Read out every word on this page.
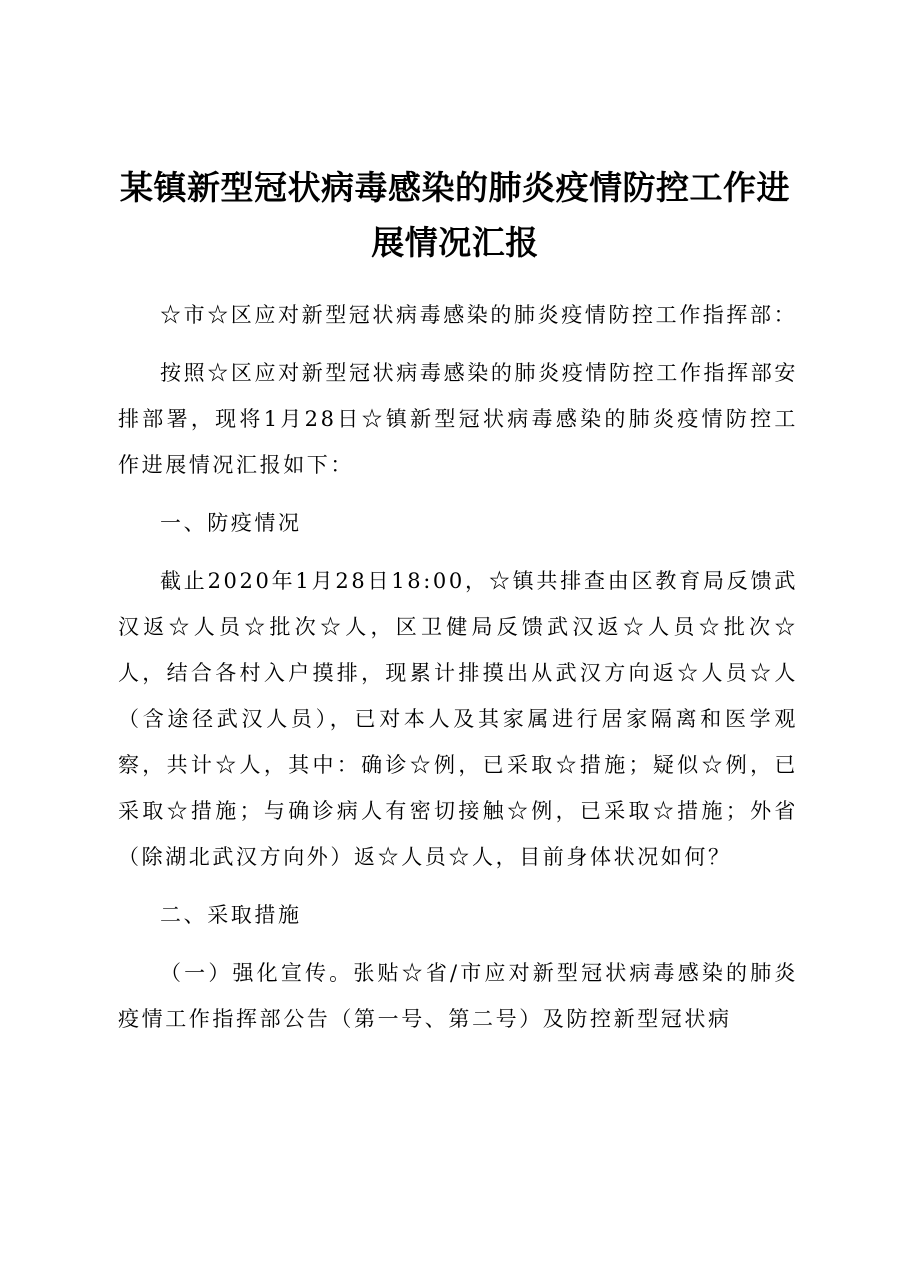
某镇新型冠状病毒感染的肺炎疫情防控工作进展情况汇报

☆市☆区应对新型冠状病毒感染的肺炎疫情防控工作指挥部：

按照☆区应对新型冠状病毒感染的肺炎疫情防控工作指挥部安排部署，现将1月28日☆镇新型冠状病毒感染的肺炎疫情防控工作进展情况汇报如下：

一、防疫情况

截止2020年1月28日18:00，☆镇共排查由区教育局反馈武汉返☆人员☆批次☆人，区卫健局反馈武汉返☆人员☆批次☆人，结合各村入户摸排，现累计排摸出从武汉方向返☆人员☆人（含途径武汉人员），已对本人及其家属进行居家隔离和医学观察，共计☆人，其中：确诊☆例，已采取☆措施；疑似☆例，已采取☆措施；与确诊病人有密切接触☆例，已采取☆措施；外省（除湖北武汉方向外）返☆人员☆人，目前身体状况如何？

二、采取措施

（一）强化宣传。张贴☆省/市应对新型冠状病毒感染的肺炎疫情工作指挥部公告（第一号、第二号）及防控新型冠状病
